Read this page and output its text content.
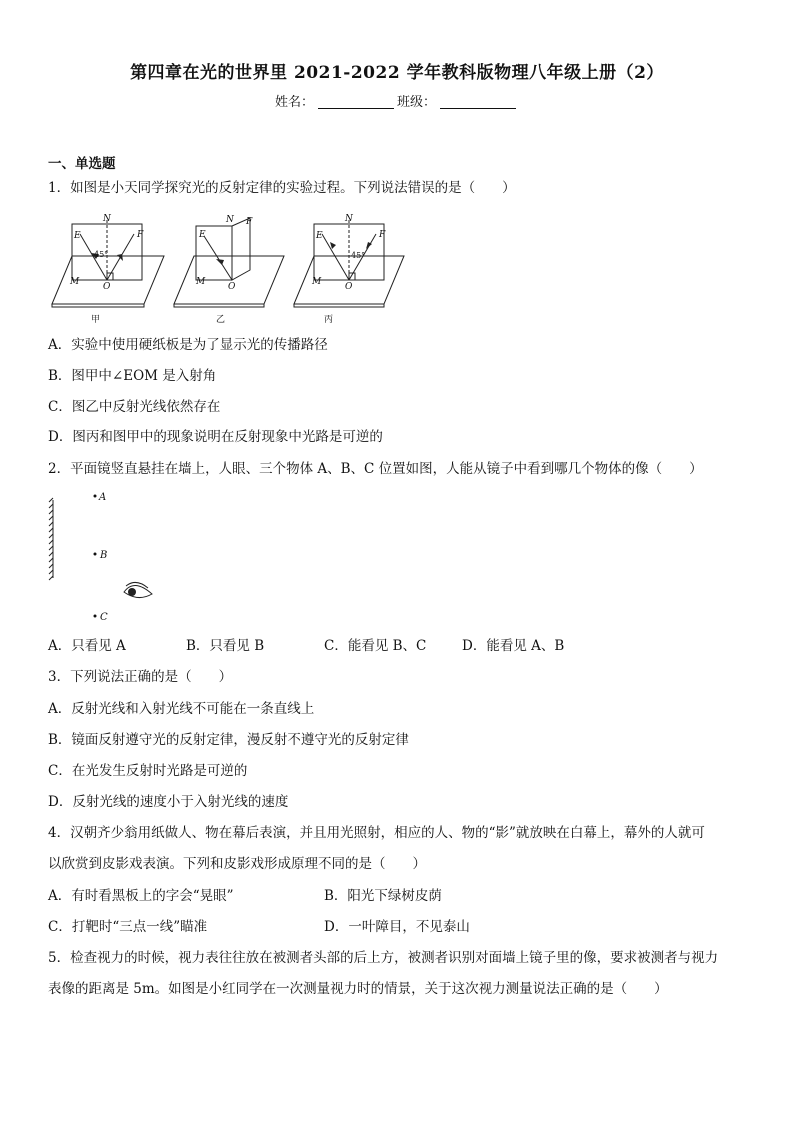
第四章在光的世界里 2021-2022 学年教科版物理八年级上册（2）
姓名：	班级：
一、单选题
1．如图是小天同学探究光的反射定律的实验过程。下列说法错误的是（　　）
N
E	F
M	O
45°
N
E
F
M	O
N
E	F
M	O
45°
甲	乙	丙
A．实验中使用硬纸板是为了显示光的传播路径
B．图甲中∠EOM 是入射角
C．图乙中反射光线依然存在
D．图丙和图甲中的现象说明在反射现象中光路是可逆的
2．平面镜竖直悬挂在墙上，人眼、三个物体 A、B、C 位置如图，人能从镜子中看到哪几个物体的像（　　）
A
B
C
A．只看见 A	B．只看见 B	C．能看见 B、C	D．能看见 A、B
3．下列说法正确的是（　　）
A．反射光线和入射光线不可能在一条直线上
B．镜面反射遵守光的反射定律，漫反射不遵守光的反射定律
C．在光发生反射时光路是可逆的
D．反射光线的速度小于入射光线的速度
4．汉朝齐少翁用纸做人、物在幕后表演，并且用光照射，相应的人、物的“影”就放映在白幕上，幕外的人就可
以欣赏到皮影戏表演。下列和皮影戏形成原理不同的是（　　）
A．有时看黑板上的字会“晃眼”	B．阳光下绿树皮荫
C．打靶时“三点一线”瞄准	D．一叶障目，不见泰山
5．检查视力的时候，视力表往往放在被测者头部的后上方，被测者识别对面墙上镜子里的像，要求被测者与视力
表像的距离是 5m。如图是小红同学在一次测量视力时的情景，关于这次视力测量说法正确的是（　　）
